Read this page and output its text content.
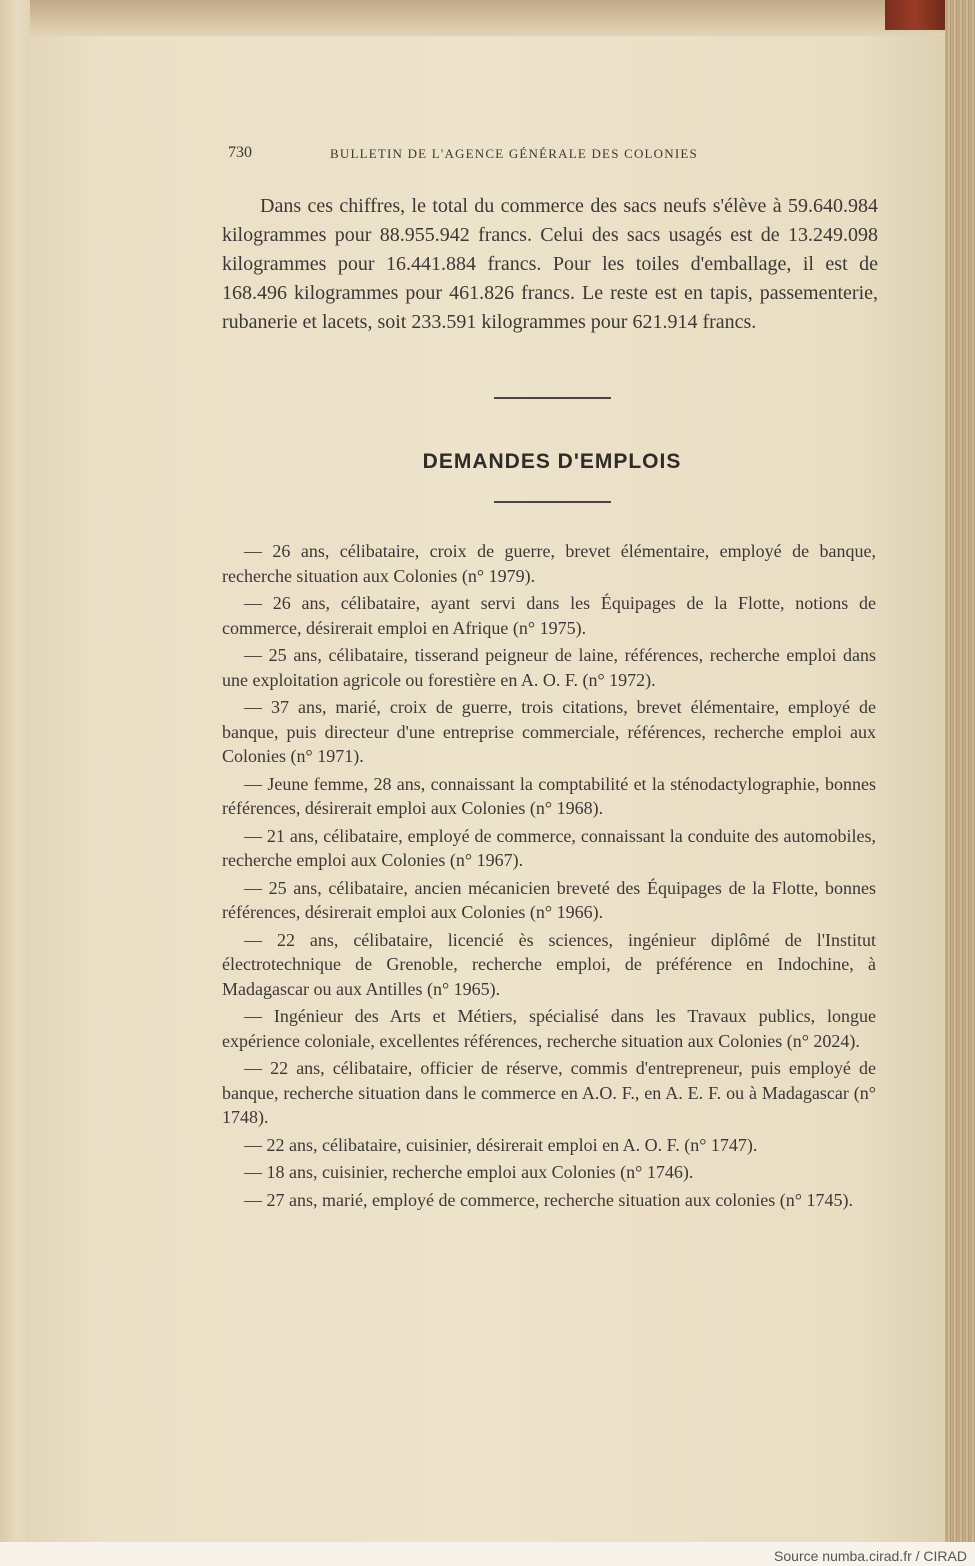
730	BULLETIN DE L'AGENCE GÉNÉRALE DES COLONIES

Dans ces chiffres, le total du commerce des sacs neufs s'élève à 59.640.984 kilogrammes pour 88.955.942 francs. Celui des sacs usagés est de 13.249.098 kilogrammes pour 16.441.884 francs. Pour les toiles d'emballage, il est de 168.496 kilogrammes pour 461.826 francs. Le reste est en tapis, passementerie, rubanerie et lacets, soit 233.591 kilogrammes pour 621.914 francs.

DEMANDES D'EMPLOIS
— 26 ans, célibataire, croix de guerre, brevet élémentaire, employé de banque, recherche situation aux Colonies (n° 1979).
— 26 ans, célibataire, ayant servi dans les Équipages de la Flotte, notions de commerce, désirerait emploi en Afrique (n° 1975).
— 25 ans, célibataire, tisserand peigneur de laine, références, recherche emploi dans une exploitation agricole ou forestière en A. O. F. (n° 1972).
— 37 ans, marié, croix de guerre, trois citations, brevet élémentaire, employé de banque, puis directeur d'une entreprise commerciale, références, recherche emploi aux Colonies (n° 1971).
— Jeune femme, 28 ans, connaissant la comptabilité et la sténodactylographie, bonnes références, désirerait emploi aux Colonies (n° 1968).
— 21 ans, célibataire, employé de commerce, connaissant la conduite des automobiles, recherche emploi aux Colonies (n° 1967).
— 25 ans, célibataire, ancien mécanicien breveté des Équipages de la Flotte, bonnes références, désirerait emploi aux Colonies (n° 1966).
— 22 ans, célibataire, licencié ès sciences, ingénieur diplômé de l'Institut électrotechnique de Grenoble, recherche emploi, de préférence en Indochine, à Madagascar ou aux Antilles (n° 1965).
— Ingénieur des Arts et Métiers, spécialisé dans les Travaux publics, longue expérience coloniale, excellentes références, recherche situation aux Colonies (n° 2024).
— 22 ans, célibataire, officier de réserve, commis d'entrepreneur, puis employé de banque, recherche situation dans le commerce en A.O. F., en A. E. F. ou à Madagascar (n° 1748).
— 22 ans, célibataire, cuisinier, désirerait emploi en A. O. F. (n° 1747).
— 18 ans, cuisinier, recherche emploi aux Colonies (n° 1746).
— 27 ans, marié, employé de commerce, recherche situation aux colonies (n° 1745).
Source numba.cirad.fr / CIRAD
